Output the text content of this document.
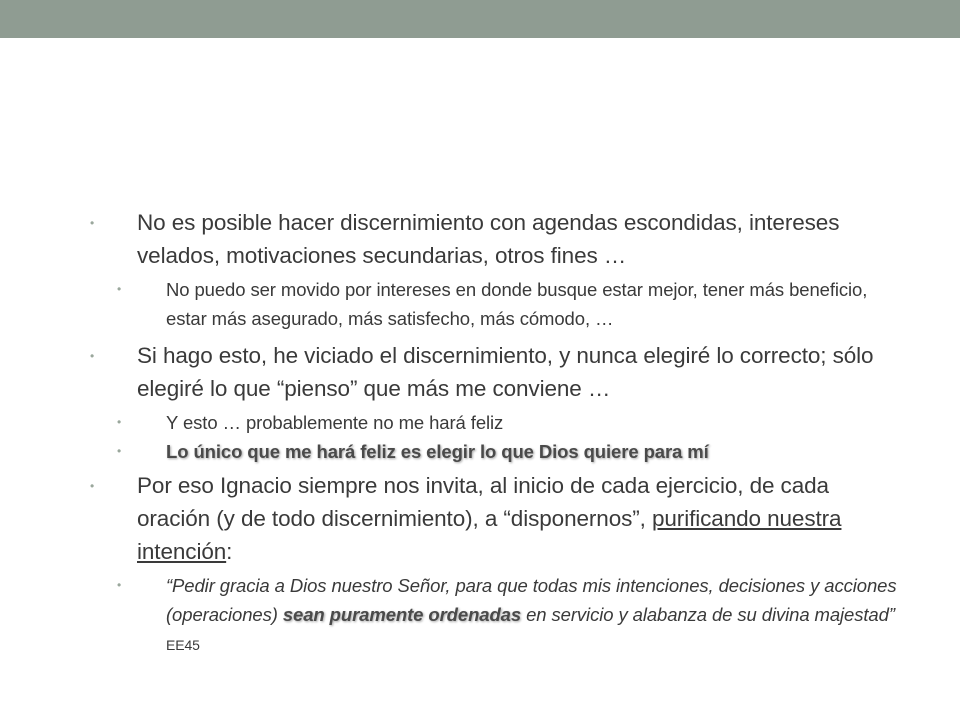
• No es posible hacer discernimiento con agendas escondidas, intereses velados, motivaciones secundarias, otros fines …

• No puedo ser movido por intereses en donde busque estar mejor, tener más beneficio, estar más asegurado, más satisfecho, más cómodo, …

• Si hago esto, he viciado el discernimiento, y nunca elegiré lo correcto; sólo elegiré lo que “pienso” que más me conviene …

• Y esto … probablemente no me hará feliz

• Lo único que me hará feliz es elegir lo que Dios quiere para mí

• Por eso Ignacio siempre nos invita, al inicio de cada ejercicio, de cada oración (y de todo discernimiento), a “disponernos”, purificando nuestra intención:

• “Pedir gracia a Dios nuestro Señor, para que todas mis intenciones, decisiones y acciones (operaciones) sean puramente ordenadas en servicio y alabanza de su divina majestad” EE45
